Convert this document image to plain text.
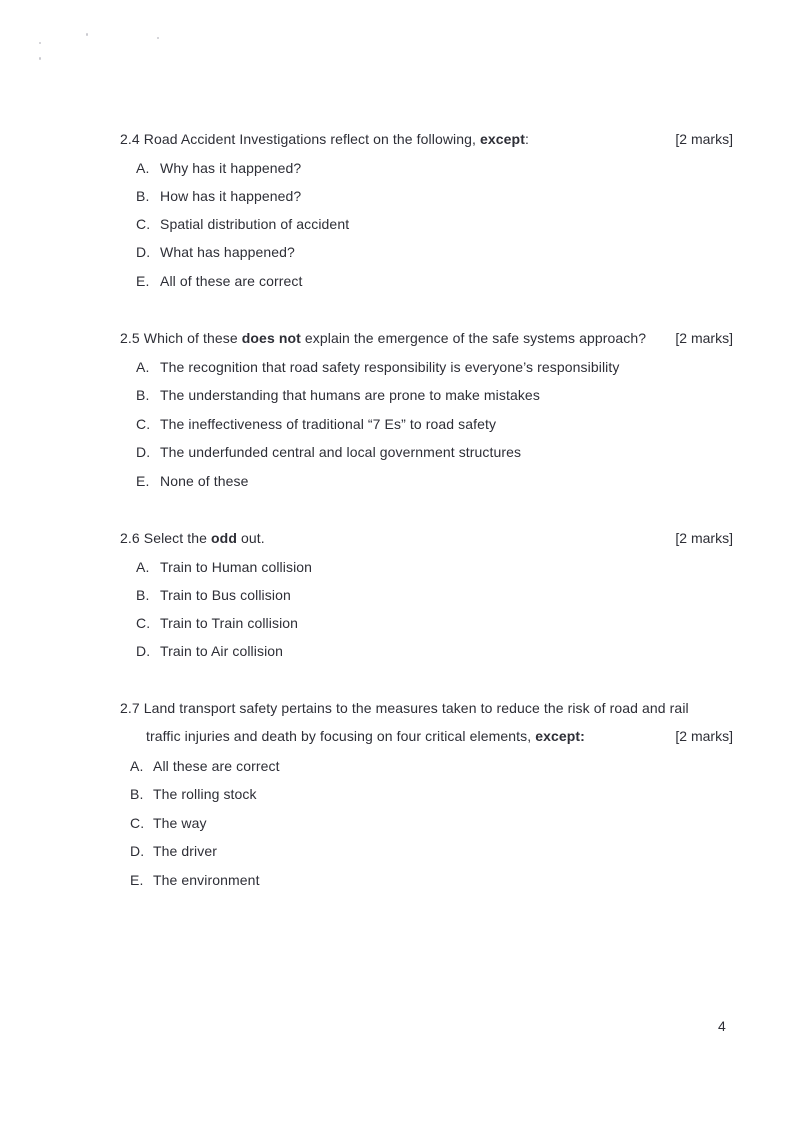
2.4 Road Accident Investigations reflect on the following, except:	[2 marks]
A. Why has it happened?
B. How has it happened?
C. Spatial distribution of accident
D. What has happened?
E. All of these are correct
2.5 Which of these does not explain the emergence of the safe systems approach? [2 marks]
A. The recognition that road safety responsibility is everyone’s responsibility
B. The understanding that humans are prone to make mistakes
C. The ineffectiveness of traditional “7 Es” to road safety
D. The underfunded central and local government structures
E. None of these
2.6 Select the odd out.	[2 marks]
A. Train to Human collision
B. Train to Bus collision
C. Train to Train collision
D. Train to Air collision
2.7 Land transport safety pertains to the measures taken to reduce the risk of road and rail
traffic injuries and death by focusing on four critical elements, except:	[2 marks]
A. All these are correct
B. The rolling stock
C. The way
D. The driver
E. The environment
4
